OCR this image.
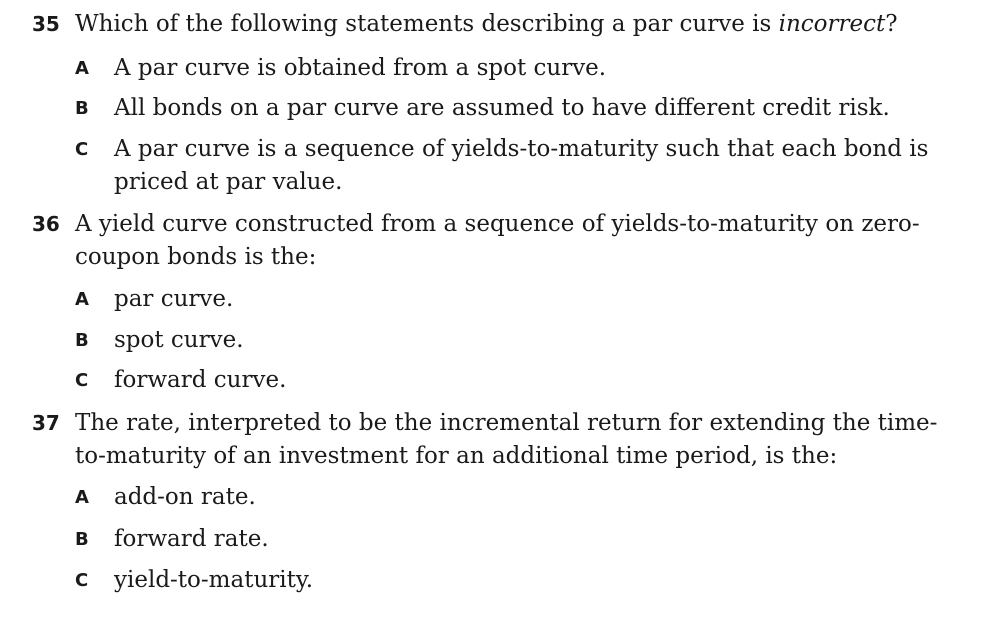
35 Which of the following statements describing a par curve is incorrect?
A A par curve is obtained from a spot curve.
B All bonds on a par curve are assumed to have different credit risk.
C A par curve is a sequence of yields-to-maturity such that each bond is priced at par value.
36 A yield curve constructed from a sequence of yields-to-maturity on zero-coupon bonds is the:
A par curve.
B spot curve.
C forward curve.
37 The rate, interpreted to be the incremental return for extending the time-to-maturity of an investment for an additional time period, is the:
A add-on rate.
B forward rate.
C yield-to-maturity.
